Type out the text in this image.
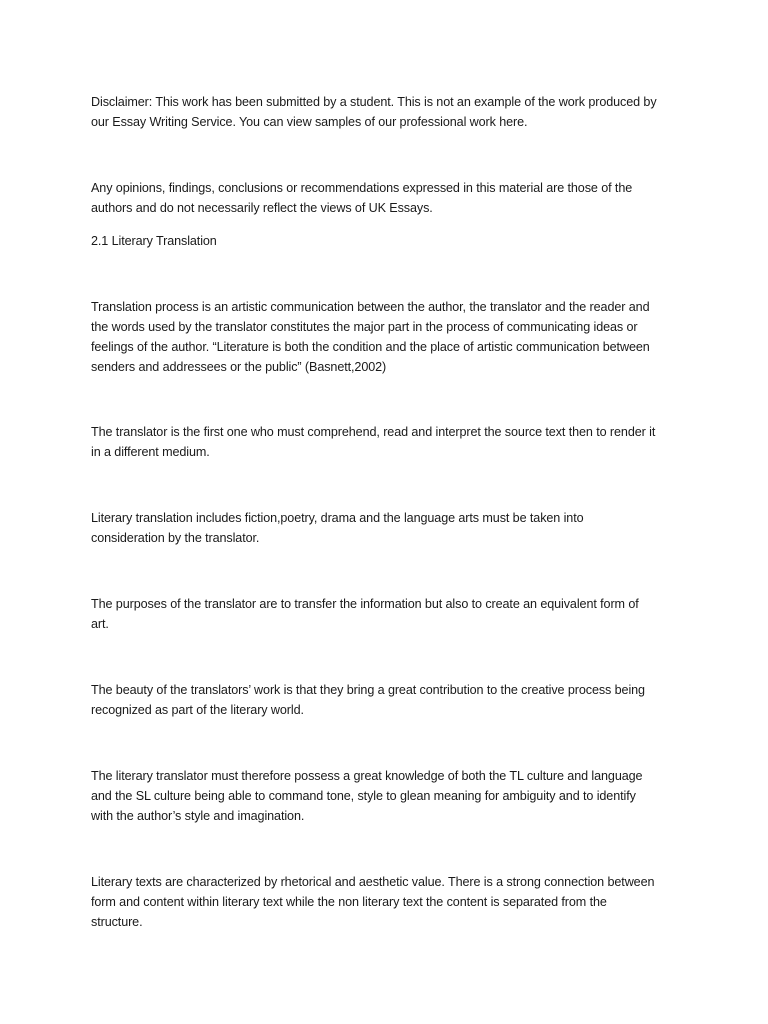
Disclaimer: This work has been submitted by a student. This is not an example of the work produced by
our Essay Writing Service. You can view samples of our professional work here.
Any opinions, findings, conclusions or recommendations expressed in this material are those of the
authors and do not necessarily reflect the views of UK Essays.
2.1 Literary Translation
Translation process is an artistic communication between the author, the translator and the reader and
the words used by the translator constitutes the major part in the process of communicating ideas or
feelings of the author. “Literature is both the condition and the place of artistic communication between
senders and addressees or the public” (Basnett,2002)
The translator is the first one who must comprehend, read and interpret the source text then to render it
in a different medium.
Literary translation includes fiction,poetry, drama and the language arts must be taken into
consideration by the translator.
The purposes of the translator are to transfer the information but also to create an equivalent form of
art.
The beauty of the translators’ work is that they bring a great contribution to the creative process being
recognized as part of the literary world.
The literary translator must therefore possess a great knowledge of both the TL culture and language
and the SL culture being able to command tone, style to glean meaning for ambiguity and to identify
with the author’s style and imagination.
Literary texts are characterized by rhetorical and aesthetic value. There is a strong connection between
form and content within literary text while the non literary text the content is separated from the
structure.
